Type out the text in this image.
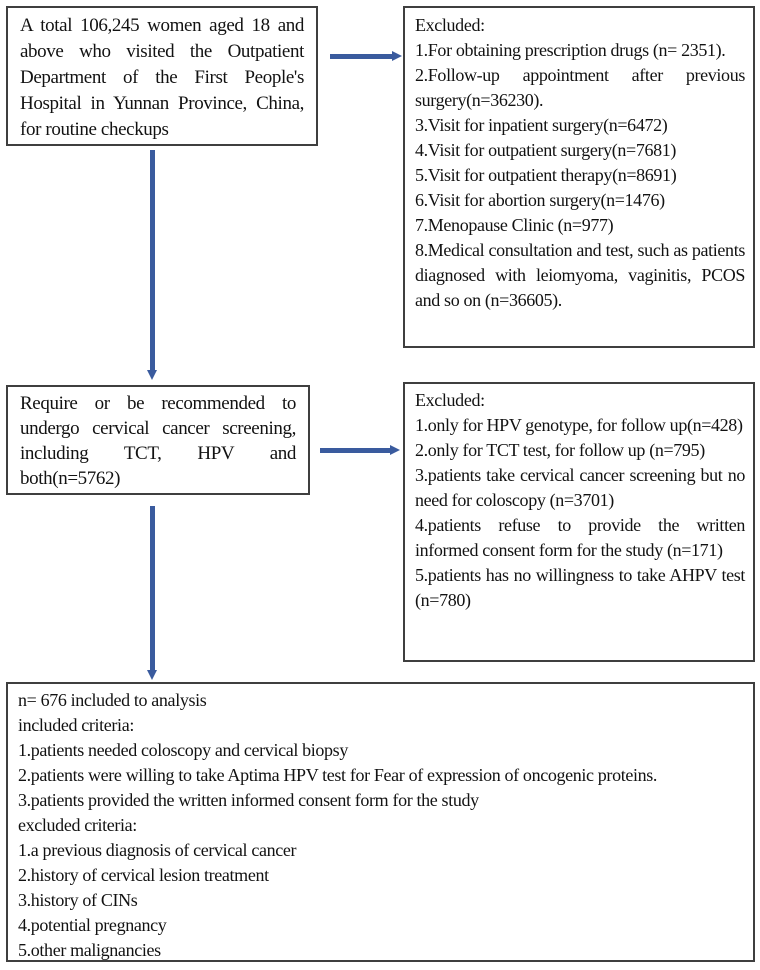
A total 106,245 women aged 18 and above who visited the Outpatient Department of the First People's Hospital in Yunnan Province, China, for routine checkups

Excluded:

1.For obtaining prescription drugs (n= 2351).

2.Follow-up appointment after previous surgery(n=36230).

3.Visit for inpatient surgery(n=6472)

4.Visit for outpatient surgery(n=7681)

5.Visit for outpatient therapy(n=8691)

6.Visit for abortion surgery(n=1476)

7.Menopause Clinic (n=977)

8.Medical consultation and test, such as patients diagnosed with leiomyoma, vaginitis, PCOS and so on (n=36605).

Require or be recommended to undergo cervical cancer screening, including TCT, HPV and both(n=5762)

Excluded:

1.only for HPV genotype, for follow up(n=428)

2.only for TCT test, for follow up (n=795)

3.patients take cervical cancer screening but no need for coloscopy (n=3701)

4.patients refuse to provide the written informed consent form for the study (n=171)

5.patients has no willingness to take AHPV test (n=780)

n= 676 included to analysis

included criteria:

1.patients needed coloscopy and cervical biopsy

2.patients were willing to take Aptima HPV test for Fear of expression of oncogenic proteins.

3.patients provided the written informed consent form for the study

excluded criteria:

1.a previous diagnosis of cervical cancer

2.history of cervical lesion treatment

3.history of CINs

4.potential pregnancy

5.other malignancies
